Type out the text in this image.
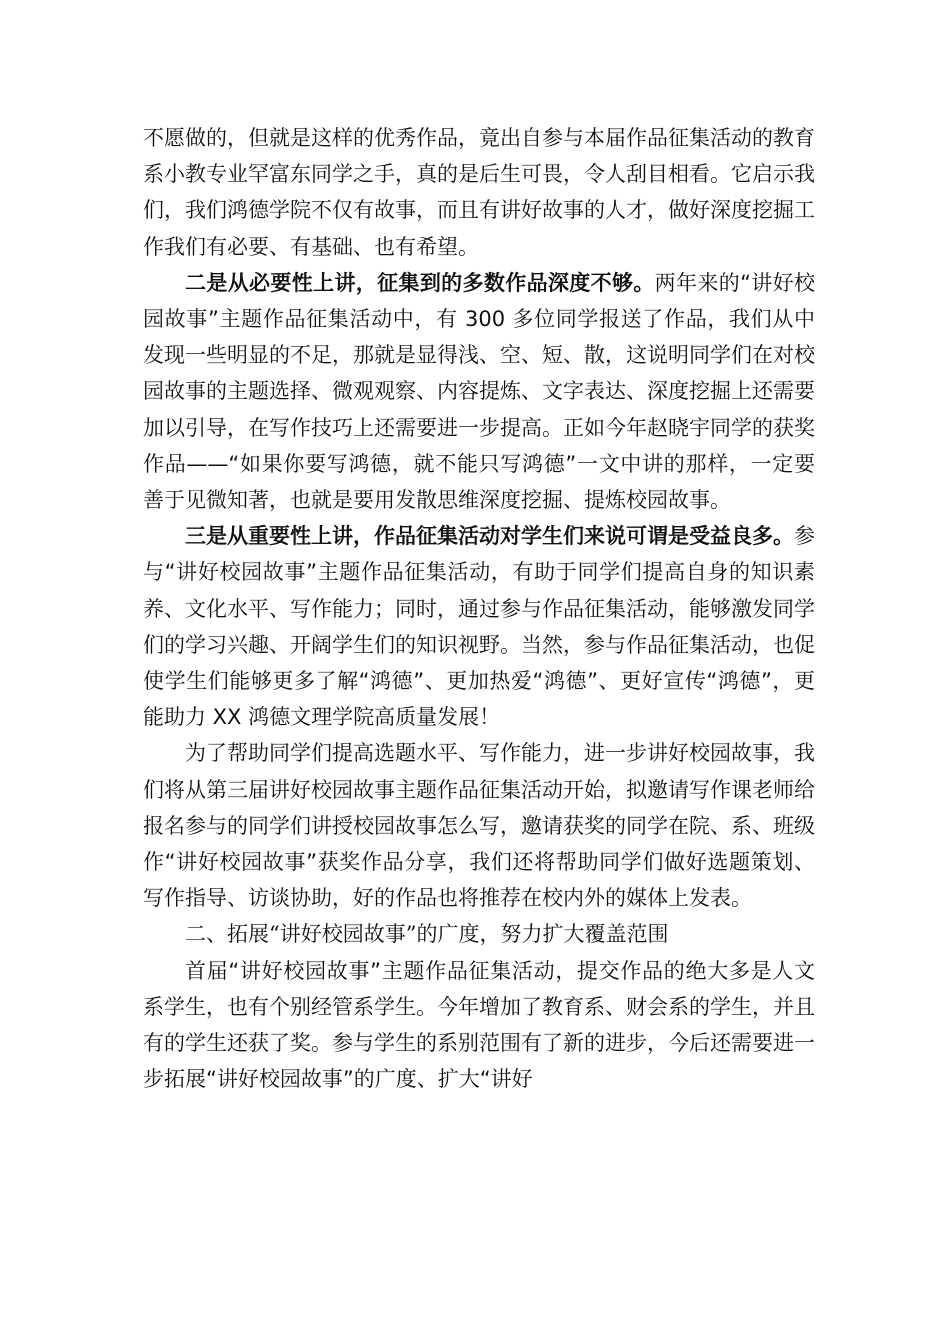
不愿做的，但就是这样的优秀作品，竟出自参与本届作品征集活动的教育系小教专业罕富东同学之手，真的是后生可畏，令人刮目相看。它启示我们，我们鸿德学院不仅有故事，而且有讲好故事的人才，做好深度挖掘工作我们有必要、有基础、也有希望。

二是从必要性上讲，征集到的多数作品深度不够。两年来的“讲好校园故事”主题作品征集活动中，有 300 多位同学报送了作品，我们从中发现一些明显的不足，那就是显得浅、空、短、散，这说明同学们在对校园故事的主题选择、微观观察、内容提炼、文字表达、深度挖掘上还需要加以引导，在写作技巧上还需要进一步提高。正如今年赵晓宇同学的获奖作品——“如果你要写鸿德，就不能只写鸿德”一文中讲的那样，一定要善于见微知著，也就是要用发散思维深度挖掘、提炼校园故事。

三是从重要性上讲，作品征集活动对学生们来说可谓是受益良多。参与“讲好校园故事”主题作品征集活动，有助于同学们提高自身的知识素养、文化水平、写作能力；同时，通过参与作品征集活动，能够激发同学们的学习兴趣、开阔学生们的知识视野。当然，参与作品征集活动，也促使学生们能够更多了解“鸿德”、更加热爱“鸿德”、更好宣传“鸿德”，更能助力 XX 鸿德文理学院高质量发展！

为了帮助同学们提高选题水平、写作能力，进一步讲好校园故事，我们将从第三届讲好校园故事主题作品征集活动开始，拟邀请写作课老师给报名参与的同学们讲授校园故事怎么写，邀请获奖的同学在院、系、班级作“讲好校园故事”获奖作品分享，我们还将帮助同学们做好选题策划、写作指导、访谈协助，好的作品也将推荐在校内外的媒体上发表。

二、拓展“讲好校园故事”的广度，努力扩大覆盖范围

首届“讲好校园故事”主题作品征集活动，提交作品的绝大多是人文系学生，也有个别经管系学生。今年增加了教育系、财会系的学生，并且有的学生还获了奖。参与学生的系别范围有了新的进步，今后还需要进一步拓展“讲好校园故事”的广度、扩大“讲好
